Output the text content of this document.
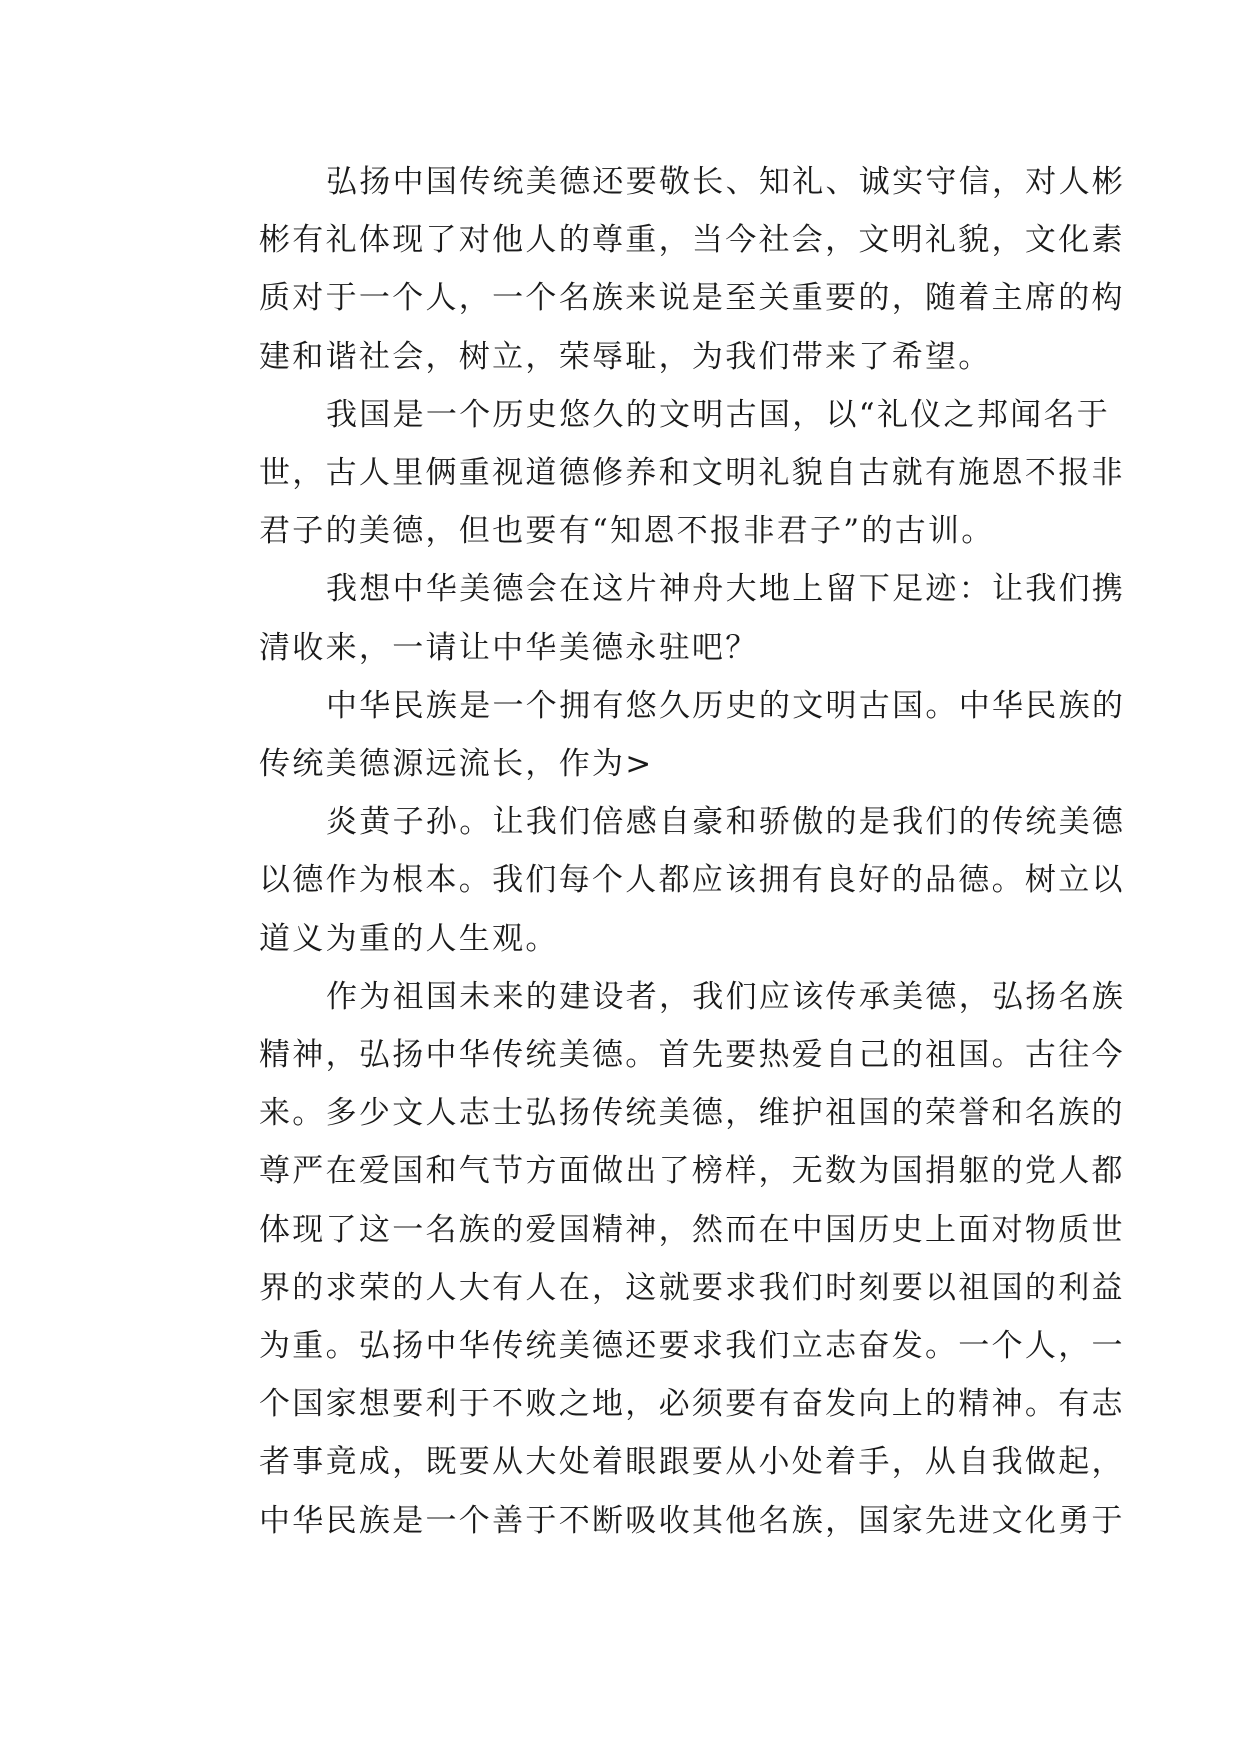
弘扬中国传统美德还要敬长、知礼、诚实守信，对人彬
彬有礼体现了对他人的尊重，当今社会，文明礼貌，文化素
质对于一个人，一个名族来说是至关重要的，随着主席的构
建和谐社会，树立，荣辱耻，为我们带来了希望。
我国是一个历史悠久的文明古国，以“礼仪之邦闻名于
世，古人里俩重视道德修养和文明礼貌自古就有施恩不报非
君子的美德，但也要有“知恩不报非君子”的古训。
我想中华美德会在这片神舟大地上留下足迹：让我们携
清收来，一请让中华美德永驻吧？
中华民族是一个拥有悠久历史的文明古国。中华民族的
传统美德源远流长，作为>
炎黄子孙。让我们倍感自豪和骄傲的是我们的传统美德
以德作为根本。我们每个人都应该拥有良好的品德。树立以
道义为重的人生观。
作为祖国未来的建设者，我们应该传承美德，弘扬名族
精神，弘扬中华传统美德。首先要热爱自己的祖国。古往今
来。多少文人志士弘扬传统美德，维护祖国的荣誉和名族的
尊严在爱国和气节方面做出了榜样，无数为国捐躯的党人都
体现了这一名族的爱国精神，然而在中国历史上面对物质世
界的求荣的人大有人在，这就要求我们时刻要以祖国的利益
为重。弘扬中华传统美德还要求我们立志奋发。一个人，一
个国家想要利于不败之地，必须要有奋发向上的精神。有志
者事竟成，既要从大处着眼跟要从小处着手，从自我做起，
中华民族是一个善于不断吸收其他名族，国家先进文化勇于
